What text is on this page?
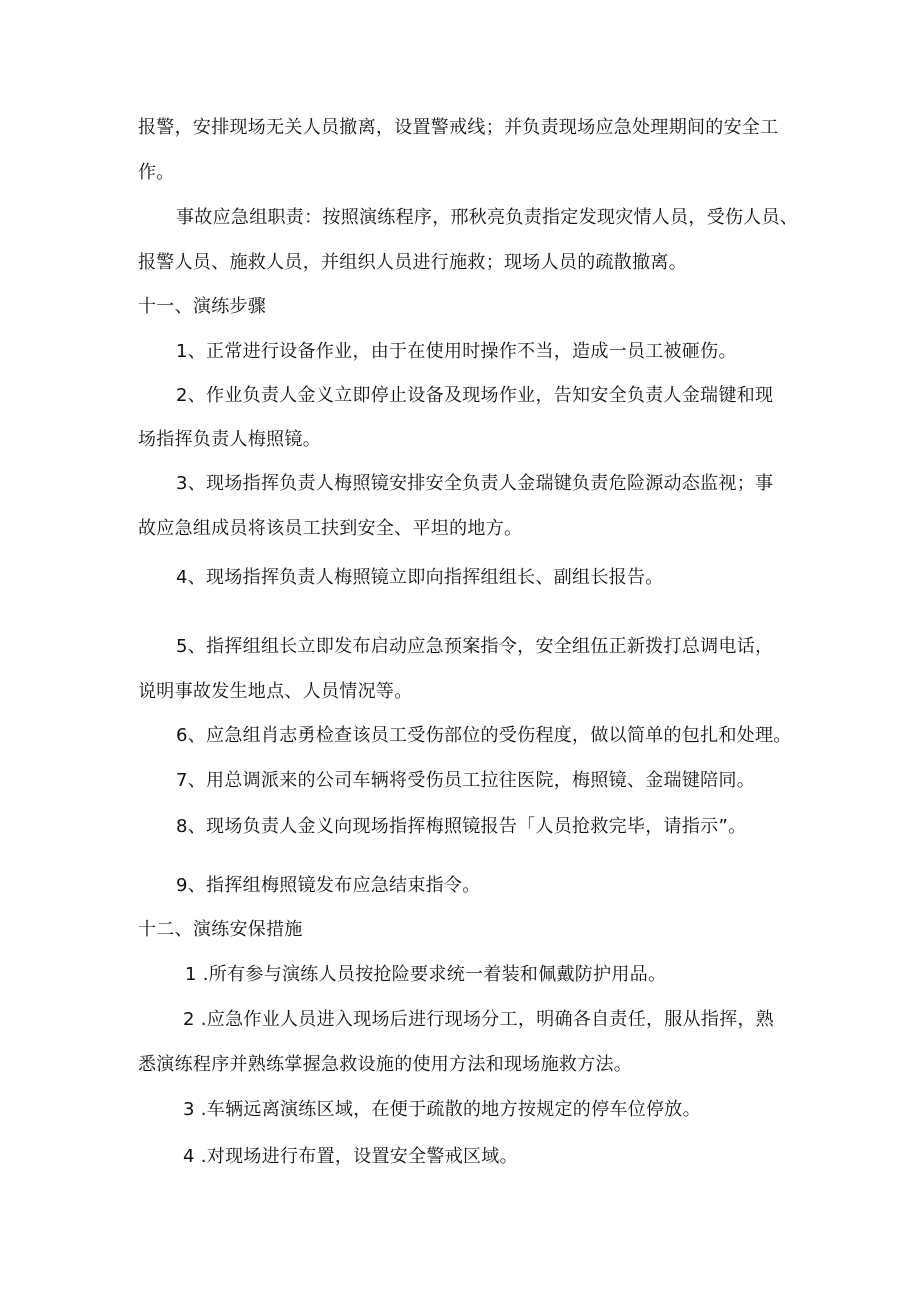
报警，安排现场无关人员撤离，设置警戒线；并负责现场应急处理期间的安全工
作。
事故应急组职责：按照演练程序，邢秋亮负责指定发现灾情人员，受伤人员、
报警人员、施救人员，并组织人员进行施救；现场人员的疏散撤离。
十一、演练步骤
1、正常进行设备作业，由于在使用时操作不当，造成一员工被砸伤。
2、作业负责人金义立即停止设备及现场作业，告知安全负责人金瑞键和现
场指挥负责人梅照镜。
3、现场指挥负责人梅照镜安排安全负责人金瑞键负责危险源动态监视；事
故应急组成员将该员工扶到安全、平坦的地方。
4、现场指挥负责人梅照镜立即向指挥组组长、副组长报告。
5、指挥组组长立即发布启动应急预案指令，安全组伍正新拨打总调电话，
说明事故发生地点、人员情况等。
6、应急组肖志勇检查该员工受伤部位的受伤程度，做以简单的包扎和处理。
7、用总调派来的公司车辆将受伤员工拉往医院，梅照镜、金瑞键陪同。
8、现场负责人金义向现场指挥梅照镜报告「人员抢救完毕，请指示”。
9、指挥组梅照镜发布应急结束指令。
十二、演练安保措施
1 .所有参与演练人员按抢险要求统一着装和佩戴防护用品。
2 .应急作业人员进入现场后进行现场分工，明确各自责任，服从指挥，熟
悉演练程序并熟练掌握急救设施的使用方法和现场施救方法。
3 .车辆远离演练区域，在便于疏散的地方按规定的停车位停放。
4 .对现场进行布置，设置安全警戒区域。
